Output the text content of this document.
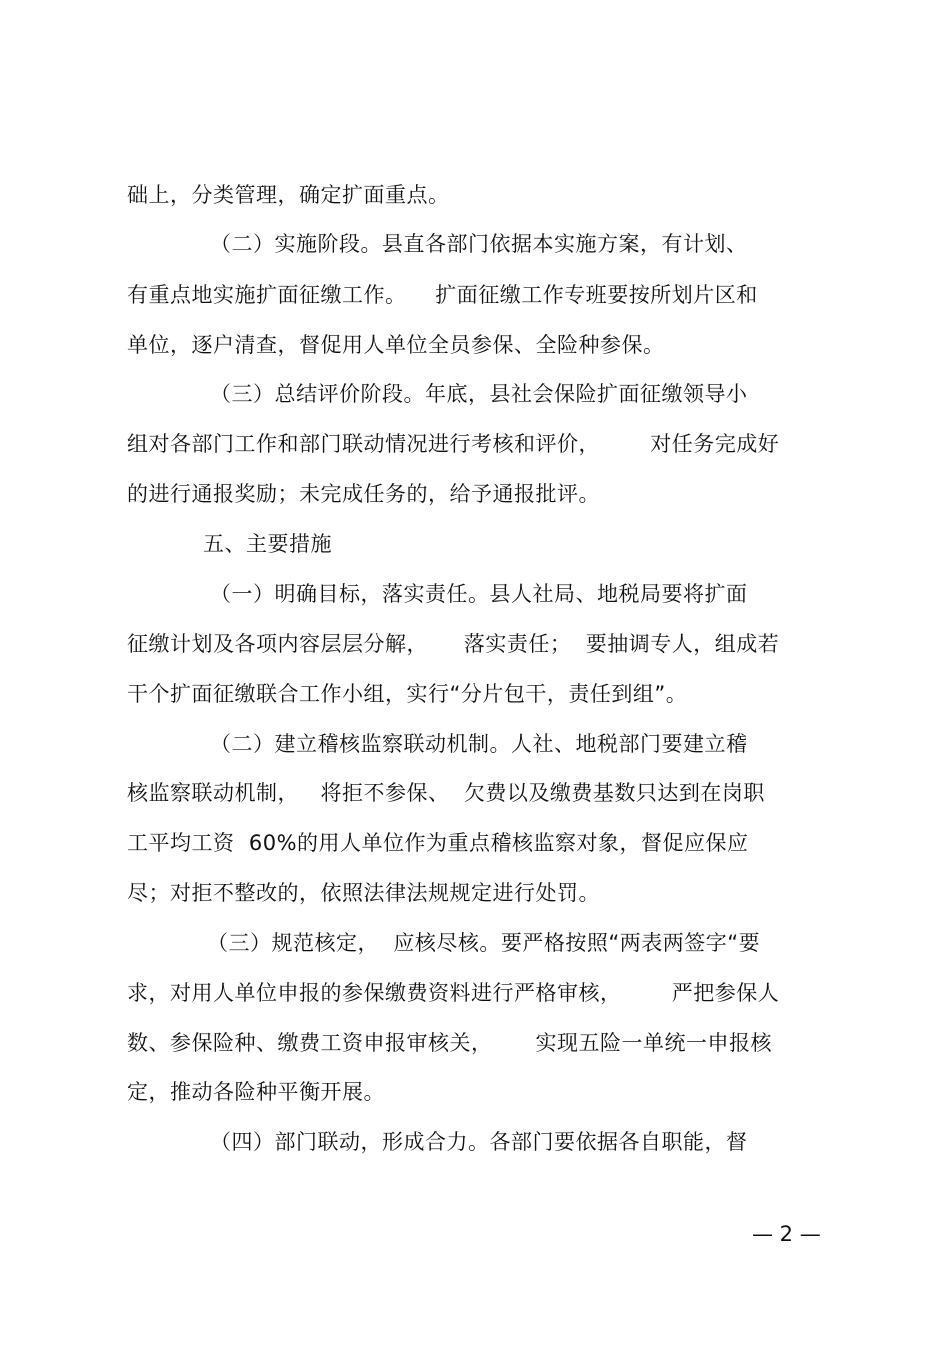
础上，分类管理，确定扩面重点。
（二）实施阶段。县直各部门依据本实施方案，有计划、
有重点地实施扩面征缴工作。    扩面征缴工作专班要按所划片区和
单位，逐户清查，督促用人单位全员参保、全险种参保。
（三）总结评价阶段。年底，县社会保险扩面征缴领导小
组对各部门工作和部门联动情况进行考核和评价，       对任务完成好
的进行通报奖励；未完成任务的，给予通报批评。
五、主要措施
（一）明确目标，落实责任。县人社局、地税局要将扩面
征缴计划及各项内容层层分解，     落实责任；  要抽调专人，组成若
干个扩面征缴联合工作小组，实行“分片包干，责任到组”。
（二）建立稽核监察联动机制。人社、地税部门要建立稽
核监察联动机制，   将拒不参保、  欠费以及缴费基数只达到在岗职
工平均工资  60%的用人单位作为重点稽核监察对象，督促应保应
尽；对拒不整改的，依照法律法规规定进行处罚。
（三）规范核定，  应核尽核。要严格按照“两表两签字“要
求，对用人单位申报的参保缴费资料进行严格审核，       严把参保人
数、参保险种、缴费工资申报审核关，      实现五险一单统一申报核
定，推动各险种平衡开展。
（四）部门联动，形成合力。各部门要依据各自职能，督
— 2 —
